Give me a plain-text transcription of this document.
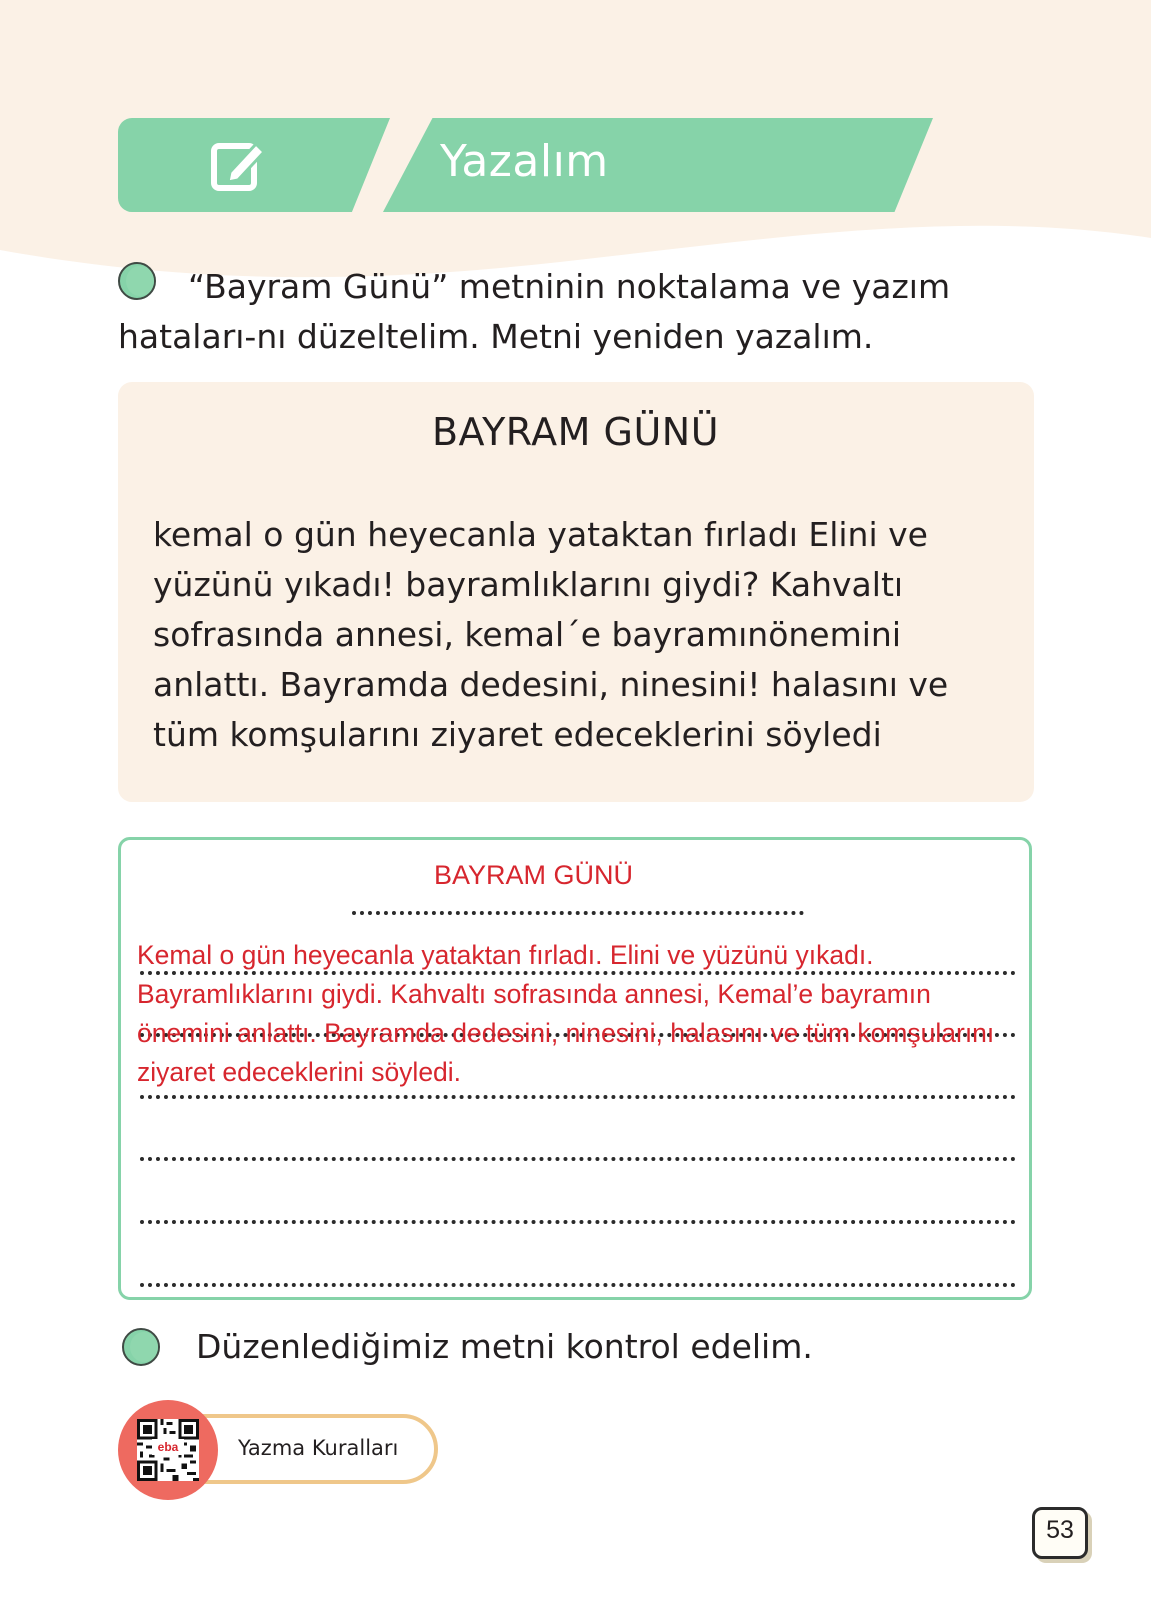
Yazalım

“Bayram Günü” metninin noktalama ve yazım hataları-nı düzeltelim. Metni yeniden yazalım.

BAYRAM GÜNÜ

kemal o gün heyecanla yataktan fırladı Elini ve yüzünü yıkadı! bayramlıklarını giydi? Kahvaltı sofrasında annesi, kemal´e bayramınönemini anlattı. Bayramda dedesini, ninesini! halasını ve tüm komşularını ziyaret edeceklerini söyledi

BAYRAM GÜNÜ

Kemal o gün heyecanla yataktan fırladı. Elini ve yüzünü yıkadı. Bayramlıklarını giydi. Kahvaltı sofrasında annesi, Kemal’e bayramın önemini anlattı. Bayramda dedesini, ninesini, halasını ve tüm komşularını ziyaret edeceklerini söyledi.

Düzenlediğimiz metni kontrol edelim.

Yazma Kuralları

eba

53
